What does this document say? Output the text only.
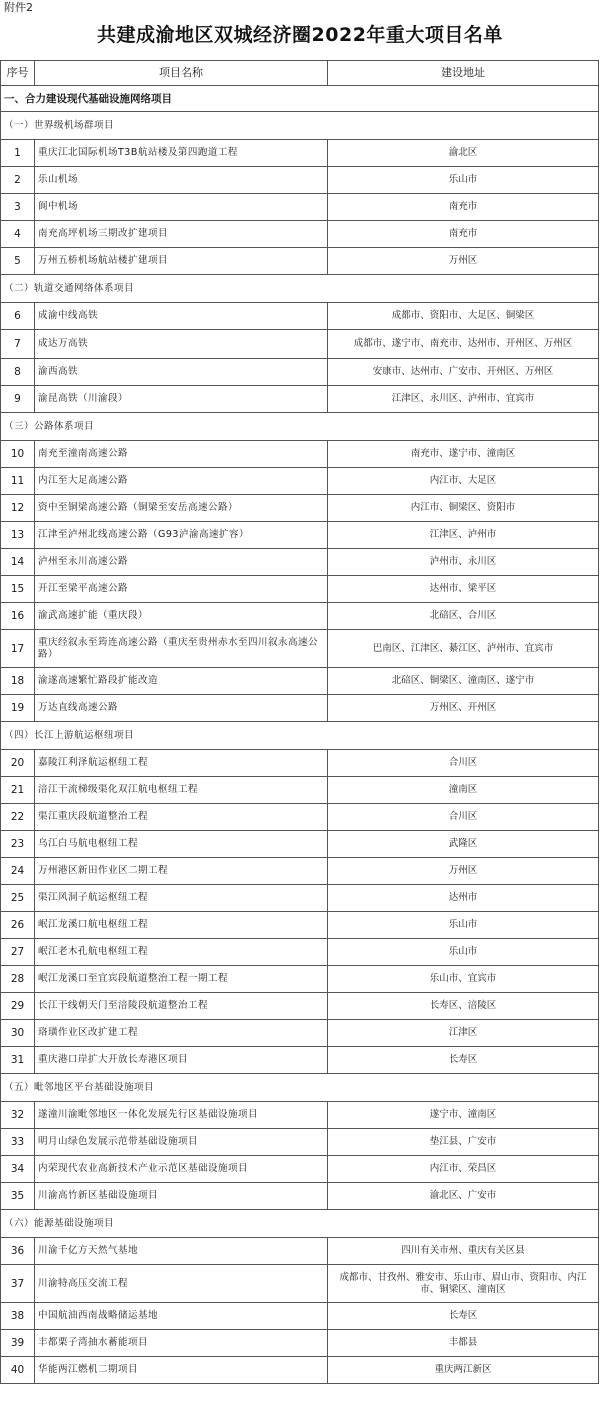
附件2
共建成渝地区双城经济圈2022年重大项目名单
序号	项目名称	建设地址
一、合力建设现代基础设施网络项目		
（一）世界级机场群项目		
1	重庆江北国际机场T3B航站楼及第四跑道工程	渝北区
2	乐山机场	乐山市
3	阆中机场	南充市
4	南充高坪机场三期改扩建项目	南充市
5	万州五桥机场航站楼扩建项目	万州区
（二）轨道交通网络体系项目		
6	成渝中线高铁	成都市、资阳市、大足区、铜梁区
7	成达万高铁	成都市、遂宁市、南充市、达州市、开州区、万州区
8	渝西高铁	安康市、达州市、广安市、开州区、万州区
9	渝昆高铁（川渝段）	江津区、永川区、泸州市、宜宾市
（三）公路体系项目		
10	南充至潼南高速公路	南充市、遂宁市、潼南区
11	内江至大足高速公路	内江市、大足区
12	资中至铜梁高速公路（铜梁至安岳高速公路）	内江市、铜梁区、资阳市
13	江津至泸州北线高速公路（G93泸渝高速扩容）	江津区、泸州市
14	泸州至永川高速公路	泸州市、永川区
15	开江至梁平高速公路	达州市、梁平区
16	渝武高速扩能（重庆段）	北碚区、合川区
17	重庆经叙永至筠连高速公路（重庆至贵州赤水至四川叙永高速公路）	巴南区、江津区、綦江区、泸州市、宜宾市
18	渝遂高速繁忙路段扩能改造	北碚区、铜梁区、潼南区、遂宁市
19	万达直线高速公路	万州区、开州区
（四）长江上游航运枢纽项目		
20	嘉陵江利泽航运枢纽工程	合川区
21	涪江干流梯级渠化双江航电枢纽工程	潼南区
22	渠江重庆段航道整治工程	合川区
23	乌江白马航电枢纽工程	武隆区
24	万州港区新田作业区二期工程	万州区
25	渠江风洞子航运枢纽工程	达州市
26	岷江龙溪口航电枢纽工程	乐山市
27	岷江老木孔航电枢纽工程	乐山市
28	岷江龙溪口至宜宾段航道整治工程一期工程	乐山市、宜宾市
29	长江干线朝天门至涪陵段航道整治工程	长寿区、涪陵区
30	珞璜作业区改扩建工程	江津区
31	重庆港口岸扩大开放长寿港区项目	长寿区
（五）毗邻地区平台基础设施项目		
32	遂潼川渝毗邻地区一体化发展先行区基础设施项目	遂宁市、潼南区
33	明月山绿色发展示范带基础设施项目	垫江县、广安市
34	内荣现代农业高新技术产业示范区基础设施项目	内江市、荣昌区
35	川渝高竹新区基础设施项目	渝北区、广安市
（六）能源基础设施项目		
36	川渝千亿方天然气基地	四川有关市州、重庆有关区县
37	川渝特高压交流工程	成都市、甘孜州、雅安市、乐山市、眉山市、资阳市、内江市、铜梁区、潼南区
38	中国航油西南战略储运基地	长寿区
39	丰都栗子湾抽水蓄能项目	丰都县
40	华能两江燃机二期项目	重庆两江新区
